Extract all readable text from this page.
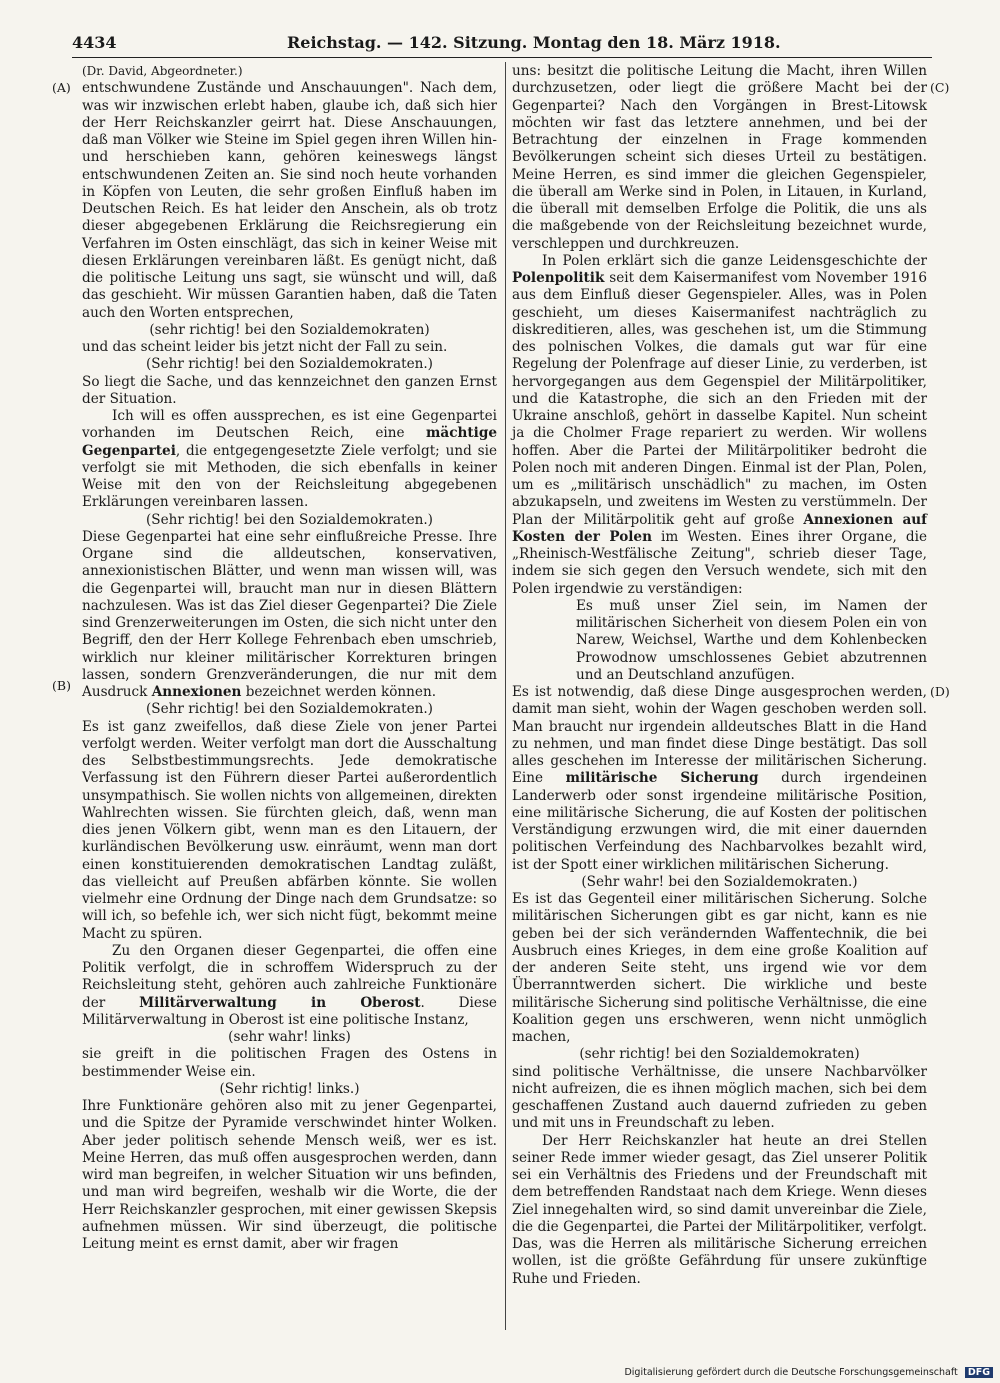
4434	Reichstag. — 142. Sitzung. Montag den 18. März 1918.
(A)
(B)
(C)
(D)

(Dr. David, Abgeordneter.)

entschwundene Zustände und Anschauungen". Nach dem, was wir inzwischen erlebt haben, glaube ich, daß sich hier der Herr Reichskanzler geirrt hat. Diese Anschauungen, daß man Völker wie Steine im Spiel gegen ihren Willen hin- und herschieben kann, gehören keineswegs längst entschwundenen Zeiten an. Sie sind noch heute vorhanden in Köpfen von Leuten, die sehr großen Einfluß haben im Deutschen Reich. Es hat leider den Anschein, als ob trotz dieser abgegebenen Erklärung die Reichsregierung ein Verfahren im Osten einschlägt, das sich in keiner Weise mit diesen Erklärungen vereinbaren läßt. Es genügt nicht, daß die politische Leitung uns sagt, sie wünscht und will, daß das geschieht. Wir müssen Garantien haben, daß die Taten auch den Worten entsprechen,

(sehr richtig! bei den Sozialdemokraten)

und das scheint leider bis jetzt nicht der Fall zu sein.

(Sehr richtig! bei den Sozialdemokraten.)

So liegt die Sache, und das kennzeichnet den ganzen Ernst der Situation.

Ich will es offen aussprechen, es ist eine Gegenpartei vorhanden im Deutschen Reich, eine mächtige Gegenpartei, die entgegengesetzte Ziele verfolgt; und sie verfolgt sie mit Methoden, die sich ebenfalls in keiner Weise mit den von der Reichsleitung abgegebenen Erklärungen vereinbaren lassen.

(Sehr richtig! bei den Sozialdemokraten.)

Diese Gegenpartei hat eine sehr einflußreiche Presse. Ihre Organe sind die alldeutschen, konservativen, annexionistischen Blätter, und wenn man wissen will, was die Gegenpartei will, braucht man nur in diesen Blättern nachzulesen. Was ist das Ziel dieser Gegenpartei? Die Ziele sind Grenzerweiterungen im Osten, die sich nicht unter den Begriff, den der Herr Kollege Fehrenbach eben umschrieb, wirklich nur kleiner militärischer Korrekturen bringen lassen, sondern Grenzveränderungen, die nur mit dem Ausdruck Annexionen bezeichnet werden können.

(Sehr richtig! bei den Sozialdemokraten.)

Es ist ganz zweifellos, daß diese Ziele von jener Partei verfolgt werden. Weiter verfolgt man dort die Ausschaltung des Selbstbestimmungsrechts. Jede demokratische Verfassung ist den Führern dieser Partei außerordentlich unsympathisch. Sie wollen nichts von allgemeinen, direkten Wahlrechten wissen. Sie fürchten gleich, daß, wenn man dies jenen Völkern gibt, wenn man es den Litauern, der kurländischen Bevölkerung usw. einräumt, wenn man dort einen konstituierenden demokratischen Landtag zuläßt, das vielleicht auf Preußen abfärben könnte. Sie wollen vielmehr eine Ordnung der Dinge nach dem Grundsatze: so will ich, so befehle ich, wer sich nicht fügt, bekommt meine Macht zu spüren.

Zu den Organen dieser Gegenpartei, die offen eine Politik verfolgt, die in schroffem Widerspruch zu der Reichsleitung steht, gehören auch zahlreiche Funktionäre der Militärverwaltung in Oberost. Diese Militärverwaltung in Oberost ist eine politische Instanz,

(sehr wahr! links)

sie greift in die politischen Fragen des Ostens in bestimmender Weise ein.

(Sehr richtig! links.)

Ihre Funktionäre gehören also mit zu jener Gegenpartei, und die Spitze der Pyramide verschwindet hinter Wolken. Aber jeder politisch sehende Mensch weiß, wer es ist. Meine Herren, das muß offen ausgesprochen werden, dann wird man begreifen, in welcher Situation wir uns befinden, und man wird begreifen, weshalb wir die Worte, die der Herr Reichskanzler gesprochen, mit einer gewissen Skepsis aufnehmen müssen. Wir sind überzeugt, die politische Leitung meint es ernst damit, aber wir fragen

uns: besitzt die politische Leitung die Macht, ihren Willen durchzusetzen, oder liegt die größere Macht bei der Gegenpartei? Nach den Vorgängen in Brest-Litowsk möchten wir fast das letztere annehmen, und bei der Betrachtung der einzelnen in Frage kommenden Bevölkerungen scheint sich dieses Urteil zu bestätigen. Meine Herren, es sind immer die gleichen Gegenspieler, die überall am Werke sind in Polen, in Litauen, in Kurland, die überall mit demselben Erfolge die Politik, die uns als die maßgebende von der Reichsleitung bezeichnet wurde, verschleppen und durchkreuzen.

In Polen erklärt sich die ganze Leidensgeschichte der Polenpolitik seit dem Kaisermanifest vom November 1916 aus dem Einfluß dieser Gegenspieler. Alles, was in Polen geschieht, um dieses Kaisermanifest nachträglich zu diskreditieren, alles, was geschehen ist, um die Stimmung des polnischen Volkes, die damals gut war für eine Regelung der Polenfrage auf dieser Linie, zu verderben, ist hervorgegangen aus dem Gegenspiel der Militärpolitiker, und die Katastrophe, die sich an den Frieden mit der Ukraine anschloß, gehört in dasselbe Kapitel. Nun scheint ja die Cholmer Frage repariert zu werden. Wir wollens hoffen. Aber die Partei der Militärpolitiker bedroht die Polen noch mit anderen Dingen. Einmal ist der Plan, Polen, um es „militärisch unschädlich" zu machen, im Osten abzukapseln, und zweitens im Westen zu verstümmeln. Der Plan der Militärpolitik geht auf große Annexionen auf Kosten der Polen im Westen. Eines ihrer Organe, die „Rheinisch-Westfälische Zeitung", schrieb dieser Tage, indem sie sich gegen den Versuch wendete, sich mit den Polen irgendwie zu verständigen:

Es muß unser Ziel sein, im Namen der militärischen Sicherheit von diesem Polen ein von Narew, Weichsel, Warthe und dem Kohlenbecken Prowodnow umschlossenes Gebiet abzutrennen und an Deutschland anzufügen.

Es ist notwendig, daß diese Dinge ausgesprochen werden, damit man sieht, wohin der Wagen geschoben werden soll. Man braucht nur irgendein alldeutsches Blatt in die Hand zu nehmen, und man findet diese Dinge bestätigt. Das soll alles geschehen im Interesse der militärischen Sicherung. Eine militärische Sicherung durch irgendeinen Landerwerb oder sonst irgendeine militärische Position, eine militärische Sicherung, die auf Kosten der politischen Verständigung erzwungen wird, die mit einer dauernden politischen Verfeindung des Nachbarvolkes bezahlt wird, ist der Spott einer wirklichen militärischen Sicherung.

(Sehr wahr! bei den Sozialdemokraten.)

Es ist das Gegenteil einer militärischen Sicherung. Solche militärischen Sicherungen gibt es gar nicht, kann es nie geben bei der sich verändernden Waffentechnik, die bei Ausbruch eines Krieges, in dem eine große Koalition auf der anderen Seite steht, uns irgend wie vor dem Überranntwerden sichert. Die wirkliche und beste militärische Sicherung sind politische Verhältnisse, die eine Koalition gegen uns erschweren, wenn nicht unmöglich machen,

(sehr richtig! bei den Sozialdemokraten)

sind politische Verhältnisse, die unsere Nachbarvölker nicht aufreizen, die es ihnen möglich machen, sich bei dem geschaffenen Zustand auch dauernd zufrieden zu geben und mit uns in Freundschaft zu leben.

Der Herr Reichskanzler hat heute an drei Stellen seiner Rede immer wieder gesagt, das Ziel unserer Politik sei ein Verhältnis des Friedens und der Freundschaft mit dem betreffenden Randstaat nach dem Kriege. Wenn dieses Ziel innegehalten wird, so sind damit unvereinbar die Ziele, die die Gegenpartei, die Partei der Militärpolitiker, verfolgt. Das, was die Herren als militärische Sicherung erreichen wollen, ist die größte Gefährdung für unsere zukünftige Ruhe und Frieden.

Digitalisierung gefördert durch die Deutsche Forschungsgemeinschaft DFG
